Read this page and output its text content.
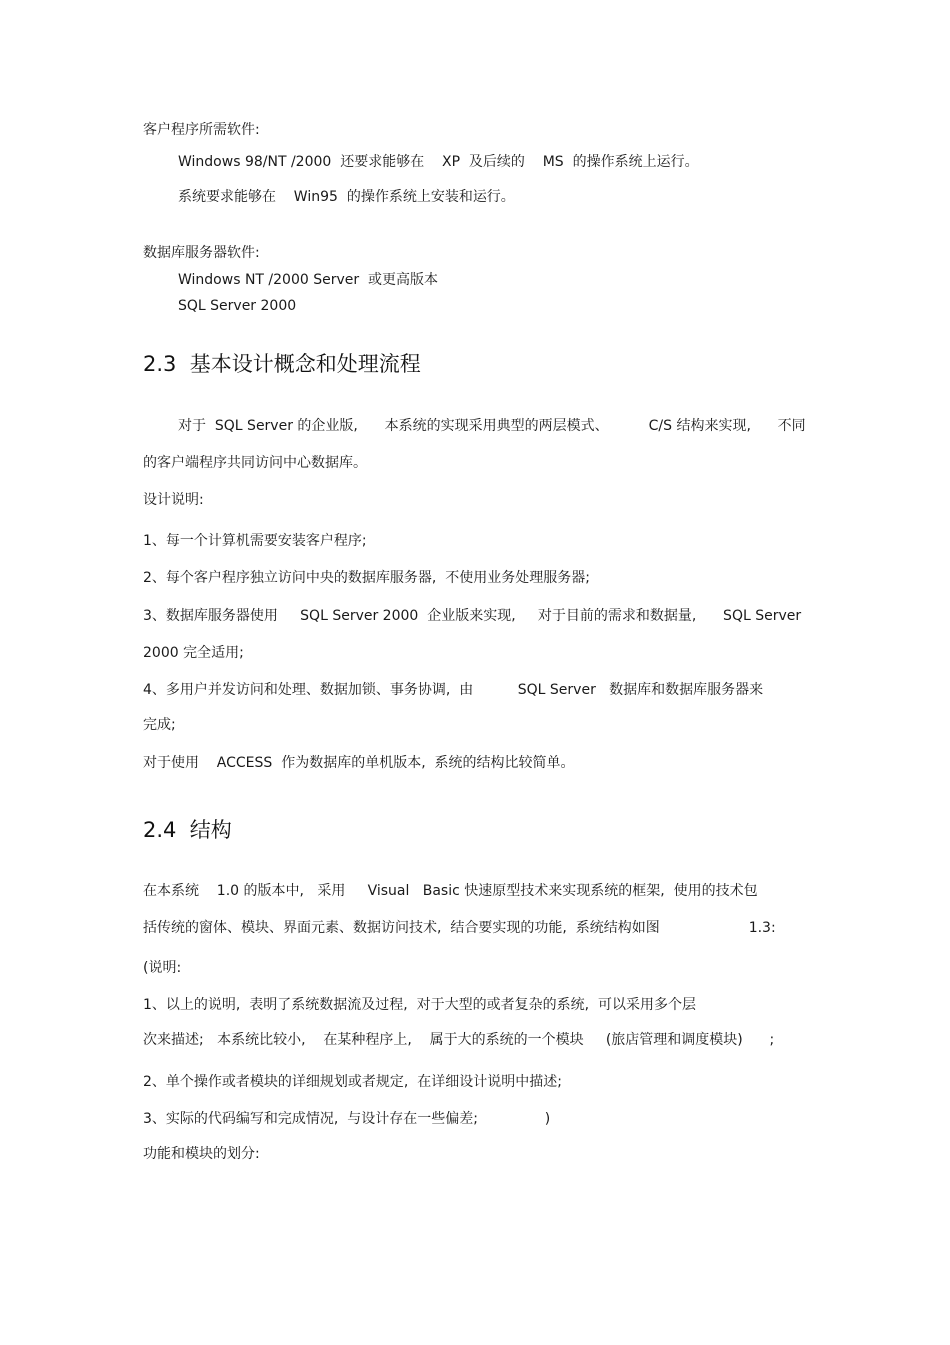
客户程序所需软件:
Windows 98/NT /2000  还要求能够在    XP  及后续的    MS  的操作系统上运行。
系统要求能够在    Win95  的操作系统上安装和运行。
数据库服务器软件:
Windows NT /2000 Server  或更高版本
SQL Server 2000
2.3  基本设计概念和处理流程
对于  SQL Server 的企业版,      本系统的实现采用典型的两层模式、         C/S 结构来实现,      不同
的客户端程序共同访问中心数据库。
设计说明:
1、每一个计算机需要安装客户程序;
2、每个客户程序独立访问中央的数据库服务器,  不使用业务处理服务器;
3、数据库服务器使用     SQL Server 2000  企业版来实现,     对于目前的需求和数据量,      SQL Server
2000 完全适用;
4、多用户并发访问和处理、数据加锁、事务协调,  由          SQL Server   数据库和数据库服务器来
完成;
对于使用    ACCESS  作为数据库的单机版本,  系统的结构比较简单。
2.4  结构
在本系统    1.0 的版本中,   采用     Visual   Basic 快速原型技术来实现系统的框架,  使用的技术包
括传统的窗体、模块、界面元素、数据访问技术,  结合要实现的功能,  系统结构如图                    1.3:
(说明:
1、以上的说明,  表明了系统数据流及过程,  对于大型的或者复杂的系统,  可以采用多个层
次来描述;   本系统比较小,    在某种程序上,    属于大的系统的一个模块     (旅店管理和调度模块)      ;
2、单个操作或者模块的详细规划或者规定,  在详细设计说明中描述;
3、实际的代码编写和完成情况,  与设计存在一些偏差;               )
功能和模块的划分:
